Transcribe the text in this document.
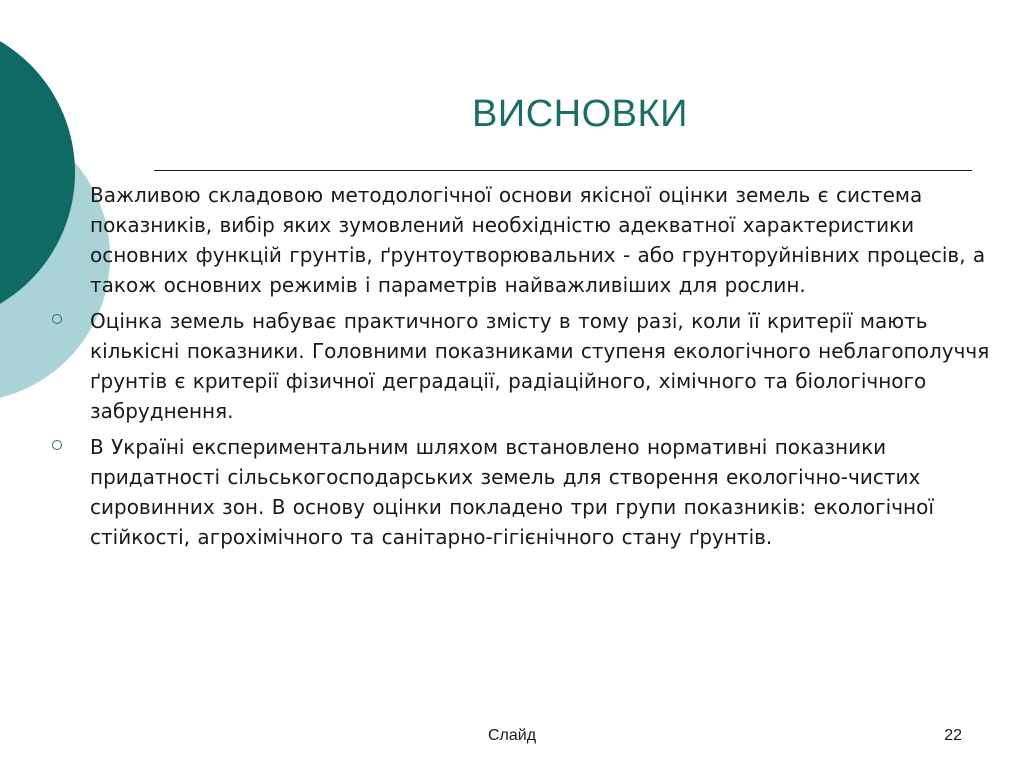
ВИСНОВКИ

Важливою складовою методологічної основи якісної оцінки земель є система показників, вибір яких зумовлений необхідністю адекватної характеристики основних функцій грунтів, ґрунтоутворювальних - або грунторуйнівних процесів, а також основних режимів і параметрів найважливіших для рослин.

Оцінка земель набуває практичного змісту в тому разі, коли її критерії мають кількісні показники. Головними показниками ступеня екологічного неблагополуччя ґрунтів є критерії фізичної деградації, радіаційного, хімічного та біологічного забруднення.

В Україні експериментальним шляхом встановлено нормативні показники придатності сільськогосподарських земель для створення екологічно-чистих сировинних зон. В основу оцінки покладено три групи показників: екологічної стійкості, агрохімічного та санітарно-гігієнічного стану ґрунтів.

Слайд	22
